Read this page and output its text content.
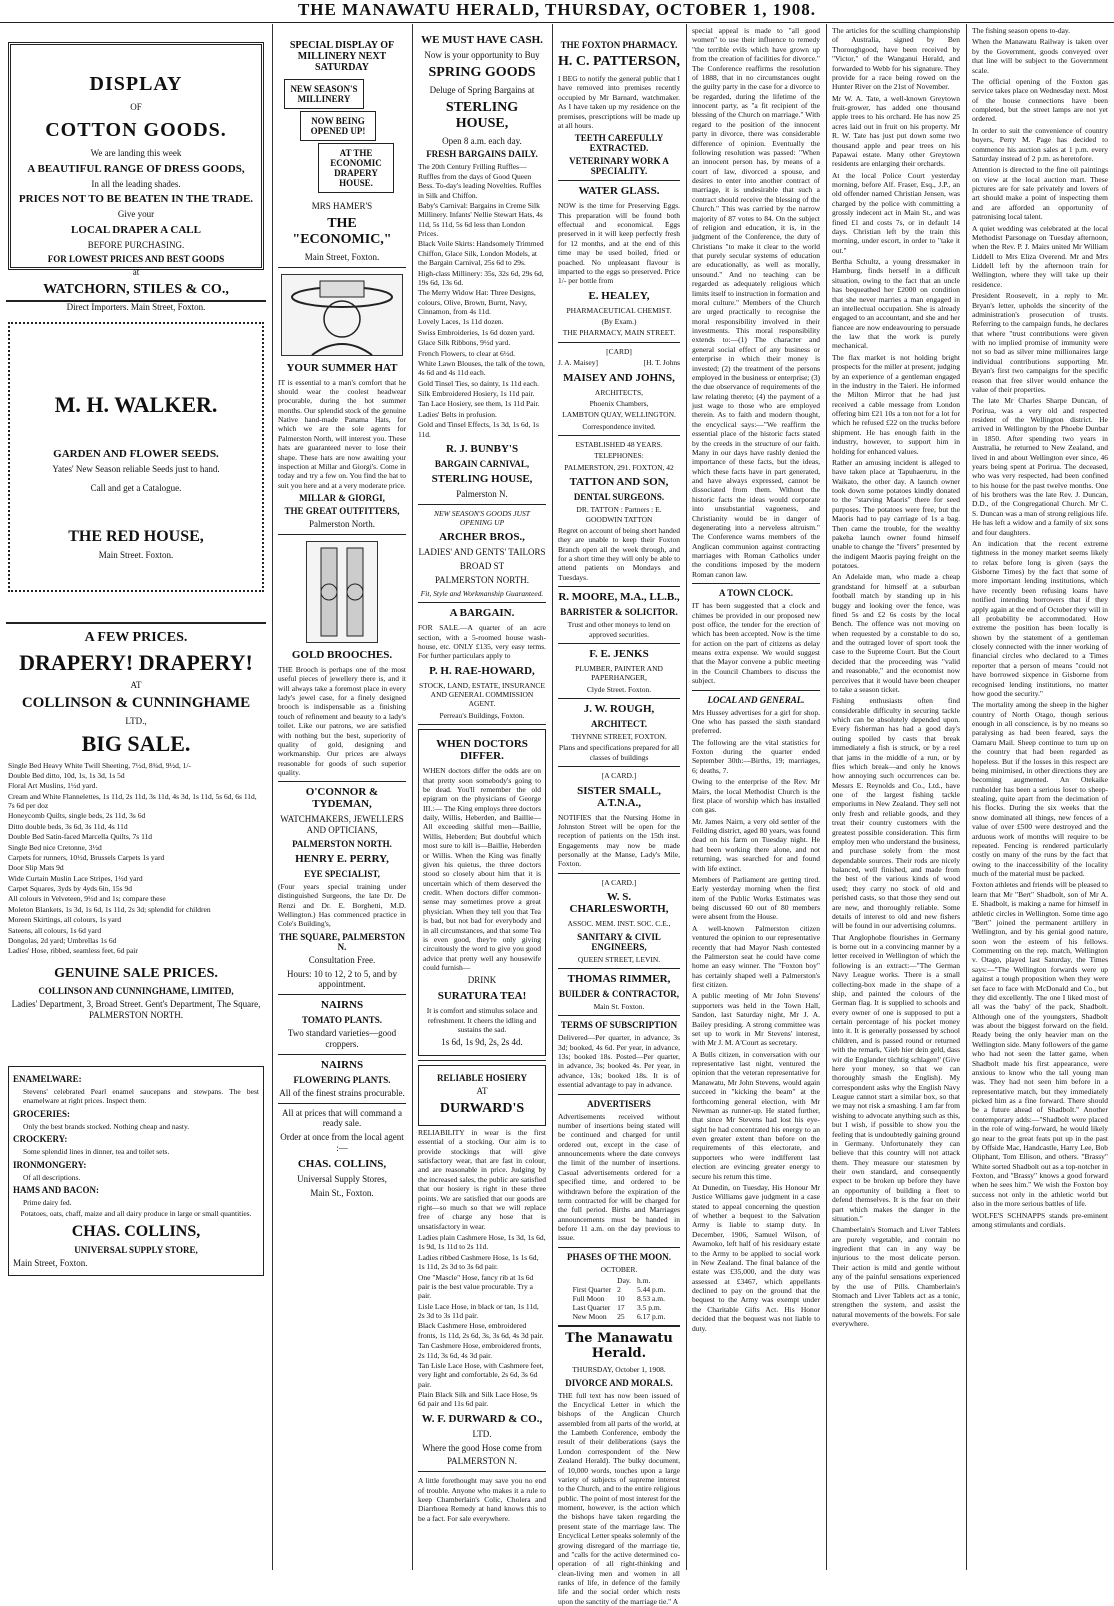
THE MANAWATU HERALD, THURSDAY, OCTOBER 1, 1908.
DISPLAY
OF
COTTON GOODS.
We are landing this week
A BEAUTIFUL RANGE OF DRESS GOODS,
In all the leading shades.
PRICES NOT TO BE BEATEN IN THE TRADE.
Give your
LOCAL DRAPER A CALL
BEFORE PURCHASING.
FOR LOWEST PRICES AND BEST GOODS
at
WATCHORN, STILES & CO.,
Direct Importers. Main Street, Foxton.
M. H. WALKER.
GARDEN AND FLOWER SEEDS.
Yates' New Season reliable Seeds just to hand.
Call and get a Catalogue.
THE RED HOUSE,
Main Street. Foxton.
A FEW PRICES.
DRAPERY! DRAPERY!
AT
COLLINSON & CUNNINGHAME
LTD.,
BIG SALE.
Single Bed Heavy White Twill Sheeting, 7½d, 8¾d, 9½d, 1/-
Double Bed ditto, 10d, 1s, 1s 3d, 1s 5d
Floral Art Muslins, 1½d yard.
Cream and White Flannelettes, 1s 11d, 2s 11d, 3s 11d, 4s 3d, 1s 11d, 5s 6d, 6s 11d, 7s 6d per doz
Honeycomb Quilts, single beds, 2s 11d, 3s 6d
Ditto double beds, 3s 6d, 3s 11d, 4s 11d
Double Bed Satin-faced Marcella Quilts, 7s 11d
Single Bed nice Cretonne, 3½d
Carpets for runners, 10½d, Brussels Carpets 1s yard
Door Slip Mats 9d
Wide Curtain Muslin Lace Stripes, 1½d yard
Carpet Squares, 3yds by 4yds 6in, 15s 9d
All colours in Velveteen, 9½d and 1s; compare these
Moleton Blankets, 1s 3d, 1s 6d, 1s 11d, 2s 3d; splendid for children
Moreen Skirtings, all colours, 1s yard
Sateens, all colours, 1s 6d yard
Dongolas, 2d yard; Umbrellas 1s 6d
Ladies' Hose, ribbed, seamless feet, 6d pair
GENUINE SALE PRICES.
COLLINSON AND CUNNINGHAME, LIMITED,
Ladies' Department, 3, Broad Street. Gent's Department, The Square, PALMERSTON NORTH.
ENAMELWARE:
Stevens' celebrated Pearl enamel saucepans and stewpans. The best enamelware at right prices. Inspect them.
GROCERIES:
Only the best brands stocked. Nothing cheap and nasty.
CROCKERY:
Some splendid lines in dinner, tea and toilet sets.
IRONMONGERY:
Of all descriptions.
HAMS AND BACON:
Prime dairy fed.
Potatoes, oats, chaff, maize and all dairy produce in large or small quantities.
CHAS. COLLINS,
UNIVERSAL SUPPLY STORE,
Main Street, Foxton.
SPECIAL DISPLAY OF MILLINERY NEXT SATURDAY
NEW SEASON'S MILLINERY
NOW BEING OPENED UP!
AT THE ECONOMIC DRAPERY HOUSE.
MRS HAMER'S
THE "ECONOMIC,"
Main Street, Foxton.
YOUR SUMMER HAT
IT is essential to a man's comfort that he should wear the coolest headwear procurable, during the hot summer months. Our splendid stock of the genuine Native hand-made Panama Hats, for which we are the sole agents for Palmerston North, will interest you. These hats are guaranteed never to lose their shape. These hats are now awaiting your inspection at Millar and Giorgi's. Come in today and try a few on. You find the hat to suit you here and at a very moderate price.
MILLAR & GIORGI,
THE GREAT OUTFITTERS,
Palmerston North.
GOLD BROOCHES.
THE Brooch is perhaps one of the most useful pieces of jewellery there is, and it will always take a foremost place in every lady's jewel case, for a finely designed brooch is indispensable as a finishing touch of refinement and beauty to a lady's toilet. Like our patrons, we are satisfied with nothing but the best, superiority of quality of gold, designing and workmanship. Our prices are always reasonable for goods of such superior quality.
O'CONNOR & TYDEMAN,
WATCHMAKERS, JEWELLERS AND OPTICIANS,
PALMERSTON NORTH.
HENRY E. PERRY,
EYE SPECIALIST,
(Four years special training under distinguished Surgeons, the late Dr. De Renzi and Dr. E. Borghetti, M.D. Wellington.) Has commenced practice in Cole's Building's,
THE SQUARE, PALMERSTON N.
Consultation Free.
Hours: 10 to 12, 2 to 5, and by appointment.
NAIRNS
TOMATO PLANTS.
Two standard varieties—good croppers.
NAIRNS
FLOWERING PLANTS.
All of the finest strains procurable.
All at prices that will command a ready sale.
Order at once from the local agent :—
CHAS. COLLINS,
Universal Supply Stores,
Main St., Foxton.
WE MUST HAVE CASH.
Now is your opportunity to Buy
SPRING GOODS
Deluge of Spring Bargains at
STERLING HOUSE,
Open 8 a.m. each day.
FRESH BARGAINS DAILY.
The 20th Century Frilling Ruffles—Ruffles from the days of Good Queen Bess. To-day's leading Novelties. Ruffles in Silk and Chiffon.
Baby's Carnival: Bargains in Creme Silk Millinery. Infants' Nellie Stewart Hats, 4s 11d, 5s 11d, 5s 6d less than London Prices.
Black Voile Skirts: Handsomely Trimmed Chiffon, Glace Silk, London Models, at the Bargain Carnival, 25s 6d to 29s.
High-class Millinery: 35s, 32s 6d, 29s 6d, 19s 6d, 13s 6d.
The Merry Widow Hat: Three Designs, colours, Olive, Brown, Burnt, Navy, Cinnamon, from 4s 11d.
Lovely Laces, 1s 11d dozen.
Swiss Embroideries, 1s 6d dozen yard.
Glace Silk Ribbons, 9½d yard.
French Flowers, to clear at 6½d.
White Lawn Blouses, the talk of the town, 4s 6d and 4s 11d each.
Gold Tinsel Ties, so dainty, 1s 11d each.
Silk Embroidered Hosiery, 1s 11d pair.
Tan Lace Hosiery, see them, 1s 11d Pair.
Ladies' Belts in profusion.
Gold and Tinsel Effects, 1s 3d, 1s 6d, 1s 11d.
R. J. BUNBY'S
BARGAIN CARNIVAL,
STERLING HOUSE,
Palmerston N.
NEW SEASON'S GOODS JUST OPENING UP
ARCHER BROS.,
LADIES' AND GENTS' TAILORS
BROAD ST
PALMERSTON NORTH.
Fit, Style and Workmanship Guaranteed.
A BARGAIN.
FOR SALE.—A quarter of an acre section, with a 5-roomed house wash-house, etc. ONLY £135, very easy terms. For further particulars apply to
P. H. RAE-HOWARD,
STOCK, LAND, ESTATE, INSURANCE AND GENERAL COMMISSION AGENT.
Perreau's Buildings, Foxton.
WHEN DOCTORS DIFFER.
WHEN doctors differ the odds are on that pretty soon somebody's going to be dead. You'll remember the old epigram on the physicians of George III.:— The King employs three doctors daily, Willis, Heberden, and Baillie—All exceeding skilful men—Baillie, Willis, Heberden; But doubtful which most sure to kill is—Baillie, Heberden or Willis. When the King was finally given his quietus, the three doctors stood so closely about him that it is uncertain which of them deserved the credit. When doctors differ common-sense may sometimes prove a great physician. When they tell you that Tea is bad, but not bad for everybody and in all circumstances, and that some Tea is even good, they're only giving circuitously the word to give you good advice that pretty well any housewife could furnish—
DRINK
SURATURA TEA!
It is comfort and stimulus solace and refreshment. It cheers the idling and sustains the sad.
1s 6d, 1s 9d, 2s, 2s 4d.
RELIABLE HOSIERY
AT
DURWARD'S
RELIABILITY in wear is the first essential of a stocking. Our aim is to provide stockings that will give satisfactory wear, that are fast in colour, and are reasonable in price. Judging by the increased sales, the public are satisfied that our hosiery is right in these three points. We are satisfied that our goods are right—so much so that we will replace free of charge any hose that is unsatisfactory in wear.
Ladies plain Cashmere Hose, 1s 3d, 1s 6d, 1s 9d, 1s 11d to 2s 11d.
Ladies ribbed Cashmere Hose, 1s 1s 6d, 1s 11d, 2s 3d to 3s 6d pair.
One "Mascle" Hose, fancy rib at 1s 6d pair is the best value procurable. Try a pair.
Lisle Lace Hose, in black or tan, 1s 11d, 2s 3d to 3s 11d pair.
Black Cashmere Hose, embroidered fronts, 1s 11d, 2s 6d, 3s, 3s 6d, 4s 3d pair.
Tan Cashmere Hose, embroidered fronts, 2s 11d, 3s 6d, 4s 3d pair.
Tan Lisle Lace Hose, with Cashmere feet, very light and comfortable, 2s 6d, 3s 6d pair.
Plain Black Silk and Silk Lace Hose, 9s 6d pair and 11s 6d pair.
W. F. DURWARD & CO.,
LTD.
Where the good Hose come from
PALMERSTON N.
A little forethought may save you no end of trouble. Anyone who makes it a rule to keep Chamberlain's Colic, Cholera and Diarrhoea Remedy at hand knows this to be a fact. For sale everywhere.
THE FOXTON PHARMACY.
H. C. PATTERSON,
I BEG to notify the general public that I have removed into premises recently occupied by Mr Barnard, watchmaker. As I have taken up my residence on the premises, prescriptions will be made up at all hours.
TEETH CAREFULLY EXTRACTED.
VETERINARY WORK A SPECIALITY.
WATER GLASS.
NOW is the time for Preserving Eggs. This preparation will be found both effectual and economical. Eggs preserved in it will keep perfectly fresh for 12 months, and at the end of this time may be used boiled, fried or poached. No unpleasant flavour is imparted to the eggs so preserved. Price 1/- per bottle from
E. HEALEY,
PHARMACEUTICAL CHEMIST.
(By Exam.)
THE PHARMACY, MAIN STREET.
[CARD]
J. A. Maisey]	[H. T. Johns
MAISEY AND JOHNS,
ARCHITECTS,
Phoenix Chambers,
LAMBTON QUAY, WELLINGTON.
Correspondence invited.
ESTABLISHED 48 YEARS.
TELEPHONES:
PALMERSTON, 291. FOXTON, 42
TATTON AND SON,
DENTAL SURGEONS.
DR. TATTON : Partners : E. GOODWIN TATTON
Regret on account of being short handed they are unable to keep their Foxton Branch open all the week through, and for a short time they will only be able to attend patients on Mondays and Tuesdays.
R. MOORE, M.A., LL.B.,
BARRISTER & SOLICITOR.
Trust and other moneys to lend on approved securities.
F. E. JENKS
PLUMBER, PAINTER AND PAPERHANGER,
Clyde Street. Foxton.
J. W. ROUGH,
ARCHITECT.
THYNNE STREET, FOXTON.
Plans and specifications prepared for all classes of buildings
[A CARD.]
SISTER SMALL, A.T.N.A.,
NOTIFIES that the Nursing Home in Johnston Street will be open for the reception of patients on the 15th inst. Engagements may now be made personally at the Manse, Lady's Mile, Foxton.
[A CARD.]
W. S. CHARLESWORTH,
ASSOC. MEM. INST. SOC. C.E.,
SANITARY & CIVIL ENGINEERS,
QUEEN STREET, LEVIN.
THOMAS RIMMER,
BUILDER & CONTRACTOR,
Main St. Foxton.
TERMS OF SUBSCRIPTION
Delivered—Per quarter, in advance, 3s 3d; booked, 4s 6d. Per year, in advance, 13s; booked 18s. Posted—Per quarter, in advance, 3s; booked 4s. Per year, in advance, 13s; booked 18s. It is of essential advantage to pay in advance.
ADVERTISERS
Advertisements received without number of insertions being stated will be continued and charged for until ordered out, except in the case of announcements where the date conveys the limit of the number of insertions. Casual advertisements ordered for a specified time, and ordered to be withdrawn before the expiration of the term contracted for will be charged for the full period. Births and Marriages announcements must be handed in before 11 a.m. on the day previous to issue.
PHASES OF THE MOON.
OCTOBER.
	Day.	h.m.
First Quarter	2	5.44 p.m.
Full Moon	10	8.53 a.m.
Last Quarter	17	3.5 p.m.
New Moon	25	6.17 p.m.
The Manawatu Herald.
THURSDAY, October 1, 1908.
DIVORCE AND MORALS.
THE full text has now been issued of the Encyclical Letter in which the bishops of the Anglican Church assembled from all parts of the world, at the Lambeth Conference, embody the result of their deliberations (says the London correspondent of the New Zealand Herald). The bulky document, of 10,000 words, touches upon a large variety of subjects of supreme interest to the Church, and to the entire religious public. The point of most interest for the moment, however, is the action which the bishops have taken regarding the present state of the marriage law. The Encyclical Letter speaks solemnly of the growing disregard of the marriage tie, and "calls for the active determined co-operation of all right-thinking and clean-living men and women in all ranks of life, in defence of the family life and the social order which rests upon the sanctity of the marriage tie." A
special appeal is made to "all good women" to use their influence to remedy "the terrible evils which have grown up from the creation of facilities for divorce." The Conference reaffirms the resolution of 1888, that in no circumstances ought the guilty party in the case for a divorce to be regarded, during the lifetime of the innocent party, as "a fit recipient of the blessing of the Church on marriage." With regard to the position of the innocent party in divorce, there was considerable difference of opinion. Eventually the following resolution was passed: "When an innocent person has, by means of a court of law, divorced a spouse, and desires to enter into another contract of marriage, it is undesirable that such a contract should receive the blessing of the Church." This was carried by the narrow majority of 87 votes to 84. On the subject of religion and education, it is, in the judgment of the Conference, the duty of Christians "to make it clear to the world that purely secular systems of education are educationally, as well as morally, unsound." And no teaching can be regarded as adequately religious which limits itself to instruction in formation and moral culture." Members of the Church are urged practically to recognise the moral responsibility involved in their investments. This moral responsibility extends to:—(1) The character and general social effect of any business or enterprise in which their money is invested; (2) the treatment of the persons employed in the business or enterprise; (3) the due observance of requirements of the law relating thereto; (4) the payment of a just wage to those who are employed therein. As to faith and modern thought, the encyclical says:—"We reaffirm the essential place of the historic facts stated by the creeds in the structure of our faith. Many in our days have rashly denied the importance of these facts, but the ideas, which these facts have in part generated, and have always expressed, cannot be dissociated from them. Without the historic facts the ideas would corporate into unsubstantial vagueness, and Christianity would be in danger of degenerating into a nerveless altruism." The Conference warns members of the Anglican communion against contracting marriages with Roman Catholics under the conditions imposed by the modern Roman canon law.
A TOWN CLOCK.
IT has been suggested that a clock and chimes be provided in our proposed new post office, the tender for the erection of which has been accepted. Now is the time for action on the part of citizens as delay means extra expense. We would suggest that the Mayor convene a public meeting in the Council Chambers to discuss the subject.
LOCAL AND GENERAL.
Mrs Hussey advertises for a girl for shop. One who has passed the sixth standard preferred.
The following are the vital statistics for Foxton during the quarter ended September 30th:—Births, 19; marriages, 6; deaths, 7.
Owing to the enterprise of the Rev. Mr Mairs, the local Methodist Church is the first place of worship which has installed con gas.
Mr. James Nairn, a very old settler of the Feilding district, aged 80 years, was found dead on his farm on Tuesday night. He had been working there alone, and not returning, was searched for and found with life extinct.
Members of Parliament are getting tired. Early yesterday morning when the first item of the Public Works Estimates was being discussed 60 out of 80 members were absent from the House.
A well-known Palmerston citizen ventured the opinion to our representative recently that had Mayor Nash contested the Palmerston seat he could have come home an easy winner. The "Foxton boy" has certainly shaped well a Palmerston's first citizen.
A public meeting of Mr John Stevens' supporters was held in the Town Hall, Sandon, last Saturday night, Mr J. A. Bailey presiding. A strong committee was set up to work in Mr Stevens' interest, with Mr J. M. A'Court as secretary.
A Bulls citizen, in conversation with our representative last night, ventured the opinion that the veteran representative for Manawatu, Mr John Stevens, would again succeed in "kicking the beam" at the forthcoming general election, with Mr Newman as runner-up. He stated further, that since Mr Stevens had lost his eye-sight he had concentrated his energy to an even greater extent than before on the requirements of this electorate, and supporters who were indifferent last election are evincing greater energy to secure his return this time.
At Dunedin, on Tuesday, His Honour Mr Justice Williams gave judgment in a case stated to appeal concerning the question of whether a bequest to the Salvation Army is liable to stamp duty. In December, 1906, Samuel Wilson, of Awamoko, left half of his residuary estate to the Army to be applied to social work in New Zealand. The final balance of the estate was £35,000, and the duty was assessed at £3467, which appellants declined to pay on the ground that the bequest to the Army was exempt under the Charitable Gifts Act. His Honor decided that the bequest was not liable to duty.
The articles for the sculling championship of Australia, signed by Ben Thoroughgood, have been received by "Victor," of the Wanganui Herald, and forwarded to Webb for his signature. They provide for a race being rowed on the Hunter River on the 21st of November.
Mr W. A. Tate, a well-known Greytown fruit-grower, has added one thousand apple trees to his orchard. He has now 25 acres laid out in fruit on his property. Mr R. W. Tate has just put down some two thousand apple and pear trees on his Papawai estate. Many other Greytown residents are enlarging their orchards.
At the local Police Court yesterday morning, before Alf. Fraser, Esq., J.P., an old offender named Christian Jensen, was charged by the police with committing a grossly indecent act in Main St., and was fined £1 and costs 7s, or in default 14 days. Christian left by the train this morning, under escort, in order to "take it out."
Bertha Schultz, a young dressmaker in Hamburg, finds herself in a difficult situation, owing to the fact that an uncle has bequeathed her £2000 on condition that she never marries a man engaged in an intellectual occupation. She is already engaged to an accountant, and she and her fiancee are now endeavouring to persuade the law that the work is purely mechanical.
The flax market is not holding bright prospects for the miller at present, judging by an experience of a gentleman engaged in the industry in the Taieri. He informed the Milton Mirror that he had just received a cable message from London offering him £21 10s a ton not for a lot for which he refused £22 on the trucks before shipment. He has enough faith in the industry, however, to support him in holding for enhanced values.
Rather an amusing incident is alleged to have taken place at Tapuhaeruru, in the Waikato, the other day. A launch owner took down some potatoes kindly donated to the "starving Maoris" there for seed purposes. The potatoes were free, but the Maoris had to pay carriage of 1s a bag. Then came the trouble, for the wealthy pakeha launch owner found himself unable to change the "fivers" presented by the indigent Maoris paying freight on the potatoes.
An Adelaide man, who made a cheap grandstand for himself at a suburban football match by standing up in his buggy and looking over the fence, was fined 5s and £2 6s costs by the local Bench. The offence was not moving on when requested by a constable to do so, and the outraged lover of sport took the case to the Supreme Court. But the Court decided that the proceeding was "valid and reasonable," and the economist now perceives that it would have been cheaper to take a season ticket.
Fishing enthusiasts often find considerable difficulty in securing tackle which can be absolutely depended upon. Every fisherman has had a good day's outing spoiled by casts that break immediately a fish is struck, or by a reel that jams in the middle of a run, or by flies which break—and only he knows how annoying such occurrences can be. Messrs E. Reynolds and Co., Ltd., have one of the largest fishing tackle emporiums in New Zealand. They sell not only fresh and reliable goods, and they treat their country customers with the greatest possible consideration. This firm employ men who understand the business, and purchase solely from the most dependable sources. Their rods are nicely balanced, well finished, and made from the best of the various kinds of wood used; they carry no stock of old and perished casts, so that those they send out are new, and thoroughly reliable. Some details of interest to old and new fishers will be found in our advertising columns.
That Anglophobe flourishes in Germany is borne out in a convincing manner by a letter received in Wellington of which the following is an extract:—"The German Navy League works. There is a small collecting-box made in the shape of a ship, and painted the colours of the German flag. It is supplied to schools and every owner of one is supposed to put a certain percentage of his pocket money into it. It is generally possessed by school children, and is passed round or returned with the remark, 'Gieb hier dein geld, dass wir die Englander tüchtig schlagen!' (Give here your money, so that we can thoroughly smash the English). My correspondent asks why the English Navy League cannot start a similar box, so that we may not risk a smashing. I am far from wishing to advocate anything such as this, but I wish, if possible to show you the feeling that is undoubtedly gaining ground in Germany. Unfortunately they can believe that this country will not attack them. They measure our statesmen by their own standard, and consequently expect to be broken up before they have an opportunity of building a fleet to defend themselves. It is the fear on their part which makes the danger in the situation."
Chamberlain's Stomach and Liver Tablets are purely vegetable, and contain no ingredient that can in any way be injurious to the most delicate person. Their action is mild and gentle without any of the painful sensations experienced by the use of Pills. Chamberlain's Stomach and Liver Tablets act as a tonic, strengthen the system, and assist the natural movements of the bowels. For sale everywhere.
The fishing season opens to-day.
When the Manawatu Railway is taken over by the Government, goods conveyed over that line will be subject to the Government scale.
The official opening of the Foxton gas service takes place on Wednesday next. Most of the house connections have been completed, but the street lamps are not yet ordered.
In order to suit the convenience of country buyers, Perry M. Page has decided to commence his auction sales at 1 p.m. every Saturday instead of 2 p.m. as heretofore.
Attention is directed to the fine oil paintings on view at the local auction mart. These pictures are for sale privately and lovers of art should make a point of inspecting them and are afforded an opportunity of patronising local talent.
A quiet wedding was celebrated at the local Methodist Parsonage on Tuesday afternoon, when the Rev. P. J. Mairs united Mr William Liddell to Mrs Eliza Overend. Mr and Mrs Liddell left by the afternoon train for Wellington, where they will take up their residence.
President Roosevelt, in a reply to Mr. Bryan's letter, upholds the sincerity of the administration's prosecution of trusts. Referring to the campaign funds, he declares that where "trust contributions were given with no implied promise of immunity were not so bad as silver mine millionaires large individual contributions supporting Mr. Bryan's first two campaigns for the specific reason that free silver would enhance the value of their properties.
The late Mr Charles Sharpe Duncan, of Porirua, was a very old and respected resident of the Wellington district. He arrived in Wellington by the Phoebe Dunbar in 1850. After spending two years in Australia, he returned to New Zealand, and lived in and about Wellington ever since, 46 years being spent at Porirua. The deceased, who was very respected, had been confined to his house for the past twelve months. One of his brothers was the late Rev. J. Duncan, D.D., of the Congregational Church. Mr C. S. Duncan was a man of strong religious life. He has left a widow and a family of six sons and four daughters.
An indication that the recent extreme tightness in the money market seems likely to relax before long is given (says the Gisborne Times) by the fact that some of more important lending institutions, which have recently been refusing loans have notified intending borrowers that if they apply again at the end of October they will in all probability be accommodated. How extreme the position has been locally is shown by the statement of a gentleman closely connected with the inner working of financial circles who declared to a Times reporter that a person of means "could not have borrowed sixpence in Gisborne from recognised lending institutions, no matter how good the security."
The mortality among the sheep in the higher country of North Otago, though serious enough in all conscience, is by no means so paralysing as had been feared, says the Oamaru Mail. Sheep continue to turn up on the country that had been regarded as hopeless. But if the losses in this respect are being minimised, in other directions they are becoming augmented. An Otekaike runholder has been a serious loser to sheep-stealing, quite apart from the decimation of his flocks. During the six weeks that the snow dominated all things, new fences of a value of over £500 were destroyed and the arduous work of months will require to be repeated. Fencing is rendered particularly costly on many of the runs by the fact that owing to the inaccessibility of the locality much of the material must be packed.
Foxton athletes and friends will be pleased to learn that Mr "Bert" Shadbolt, son of Mr A. E. Shadbolt, is making a name for himself in athletic circles in Wellington. Some time ago "Bert" joined the permanent artillery in Wellington, and by his genial good nature, soon won the esteem of his fellows. Commenting on the rep. match, Wellington v. Otago, played last Saturday, the Times says:—"The Wellington forwards were up against a tough proposition when they were set face to face with McDonald and Co., but they did excellently. The one I liked most of all was the 'baby' of the pack, Shadbolt. Although one of the youngsters, Shadbolt was about the biggest forward on the field. Ready being the only heavier man on the Wellington side. Many followers of the game who had not seen the latter game, when Shadbolt made his first appearance, were anxious to know who the tall young man was. They had not seen him before in a representative match, but they immediately picked him as a fine forward. There should be a future ahead of Shadbolt." Another contemporary adds:—"Shadbolt were placed in the role of wing-forward, he would likely go near to the great feats put up in the past by Offside Mac, Handcastle, Harry Lee, Bob Oliphant, Tom Ellison, and others. "Brassy" White sorted Shadbolt out as a top-notcher in Foxton, and "Brassy" knows a good forward when he sees him." We wish the Foxton boy success not only in the athletic world but also in the more serious battles of life.
WOLFE'S SCHNAPPS stands pre-eminent among stimulants and cordials.
